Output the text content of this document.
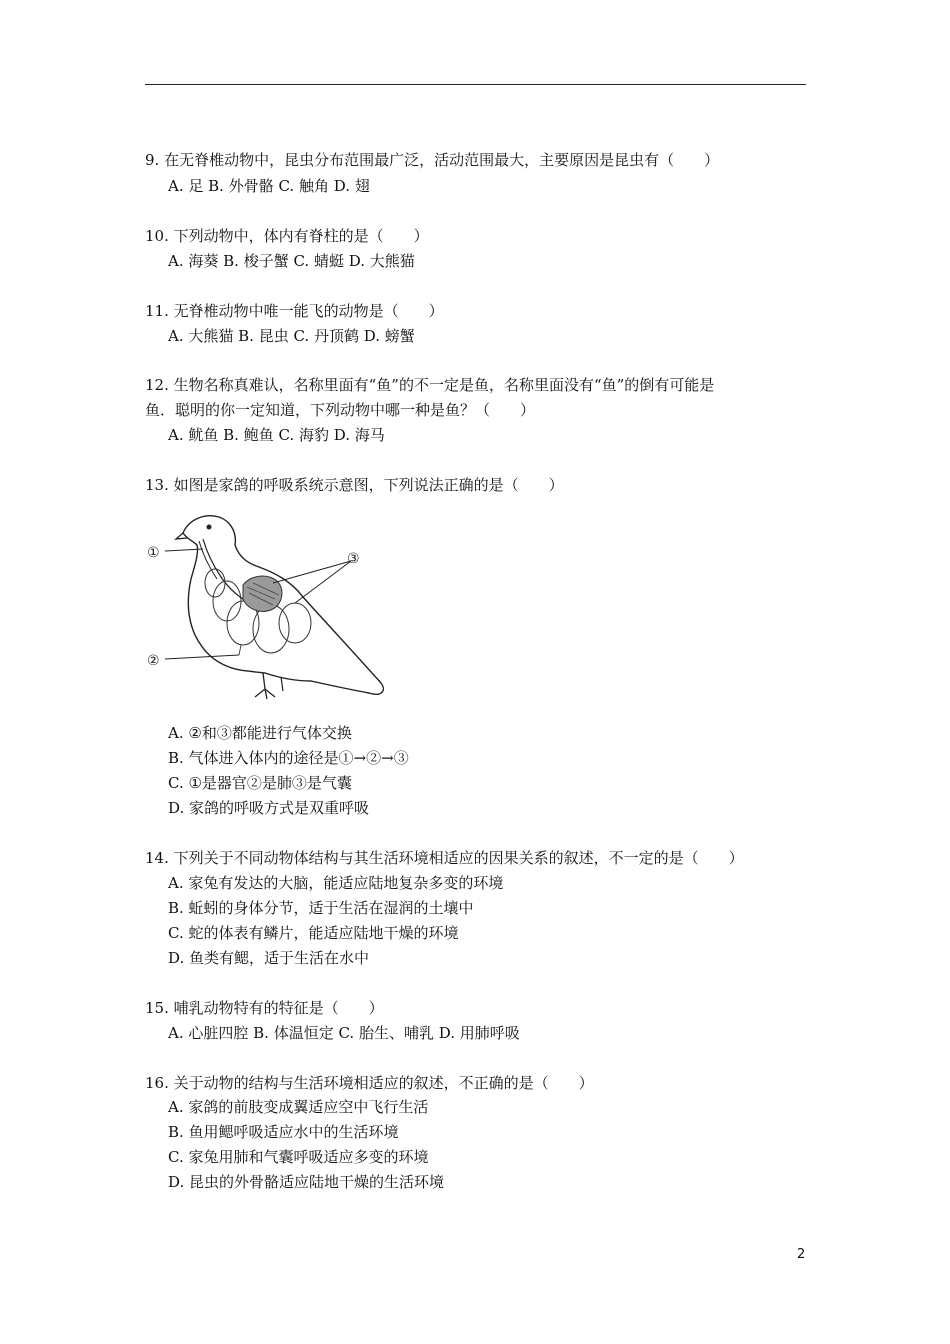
9. 在无脊椎动物中，昆虫分布范围最广泛，活动范围最大，主要原因是昆虫有（　　）
A. 足 B. 外骨骼 C. 触角 D. 翅
10. 下列动物中，体内有脊柱的是（　　）
A. 海葵 B. 梭子蟹 C. 蜻蜓 D. 大熊猫
11. 无脊椎动物中唯一能飞的动物是（　　）
A. 大熊猫 B. 昆虫 C. 丹顶鹤 D. 螃蟹
12. 生物名称真难认，名称里面有“鱼”的不一定是鱼，名称里面没有“鱼”的倒有可能是
鱼．聪明的你一定知道，下列动物中哪一种是鱼？（　　）
A. 鱿鱼 B. 鲍鱼 C. 海豹 D. 海马
13. 如图是家鸽的呼吸系统示意图，下列说法正确的是（　　）
①
②
③
A. ②和③都能进行气体交换
B. 气体进入体内的途径是①→②→③
C. ①是器官②是肺③是气囊
D. 家鸽的呼吸方式是双重呼吸
14. 下列关于不同动物体结构与其生活环境相适应的因果关系的叙述，不一定的是（　　）
A. 家兔有发达的大脑，能适应陆地复杂多变的环境
B. 蚯蚓的身体分节，适于生活在湿润的土壤中
C. 蛇的体表有鳞片，能适应陆地干燥的环境
D. 鱼类有鳃，适于生活在水中
15. 哺乳动物特有的特征是（　　）
A. 心脏四腔 B. 体温恒定 C. 胎生、哺乳 D. 用肺呼吸
16. 关于动物的结构与生活环境相适应的叙述，不正确的是（　　）
A. 家鸽的前肢变成翼适应空中飞行生活
B. 鱼用鳃呼吸适应水中的生活环境
C. 家兔用肺和气囊呼吸适应多变的环境
D. 昆虫的外骨骼适应陆地干燥的生活环境
2
